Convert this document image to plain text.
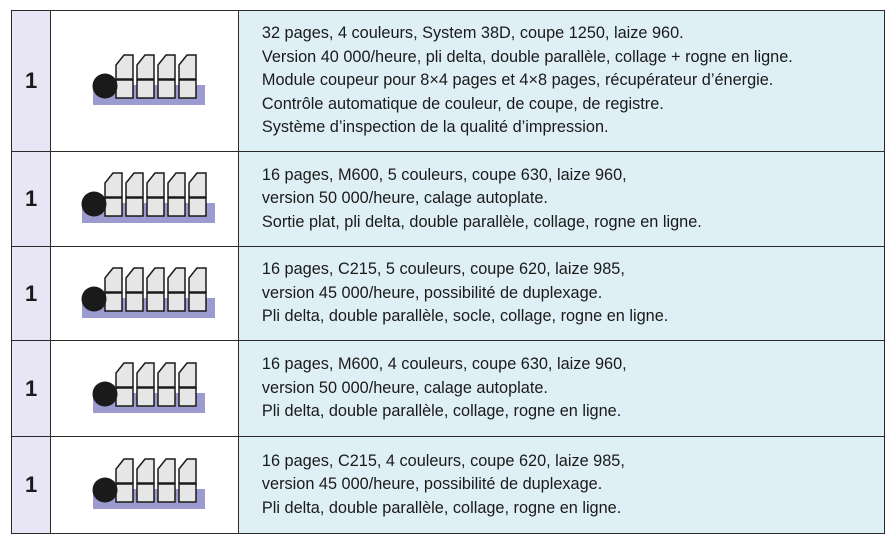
1		32 pages, 4 couleurs, System 38D, coupe 1250, laize 960.
Version 40 000/heure, pli delta, double parallèle, collage + rogne en ligne.
Module coupeur pour 8×4 pages et 4×8 pages, récupérateur d’énergie.
Contrôle automatique de couleur, de coupe, de registre.
Système d’inspection de la qualité d’impression.

1		16 pages, M600, 5 couleurs, coupe 630, laize 960,
version 50 000/heure, calage autoplate.
Sortie plat, pli delta, double parallèle, collage, rogne en ligne.

1		16 pages, C215, 5 couleurs, coupe 620, laize 985,
version 45 000/heure, possibilité de duplexage.
Pli delta, double parallèle, socle, collage, rogne en ligne.

1		16 pages, M600, 4 couleurs, coupe 630, laize 960,
version 50 000/heure, calage autoplate.
Pli delta, double parallèle, collage, rogne en ligne.

1		16 pages, C215, 4 couleurs, coupe 620, laize 985,
version 45 000/heure, possibilité de duplexage.
Pli delta, double parallèle, collage, rogne en ligne.
